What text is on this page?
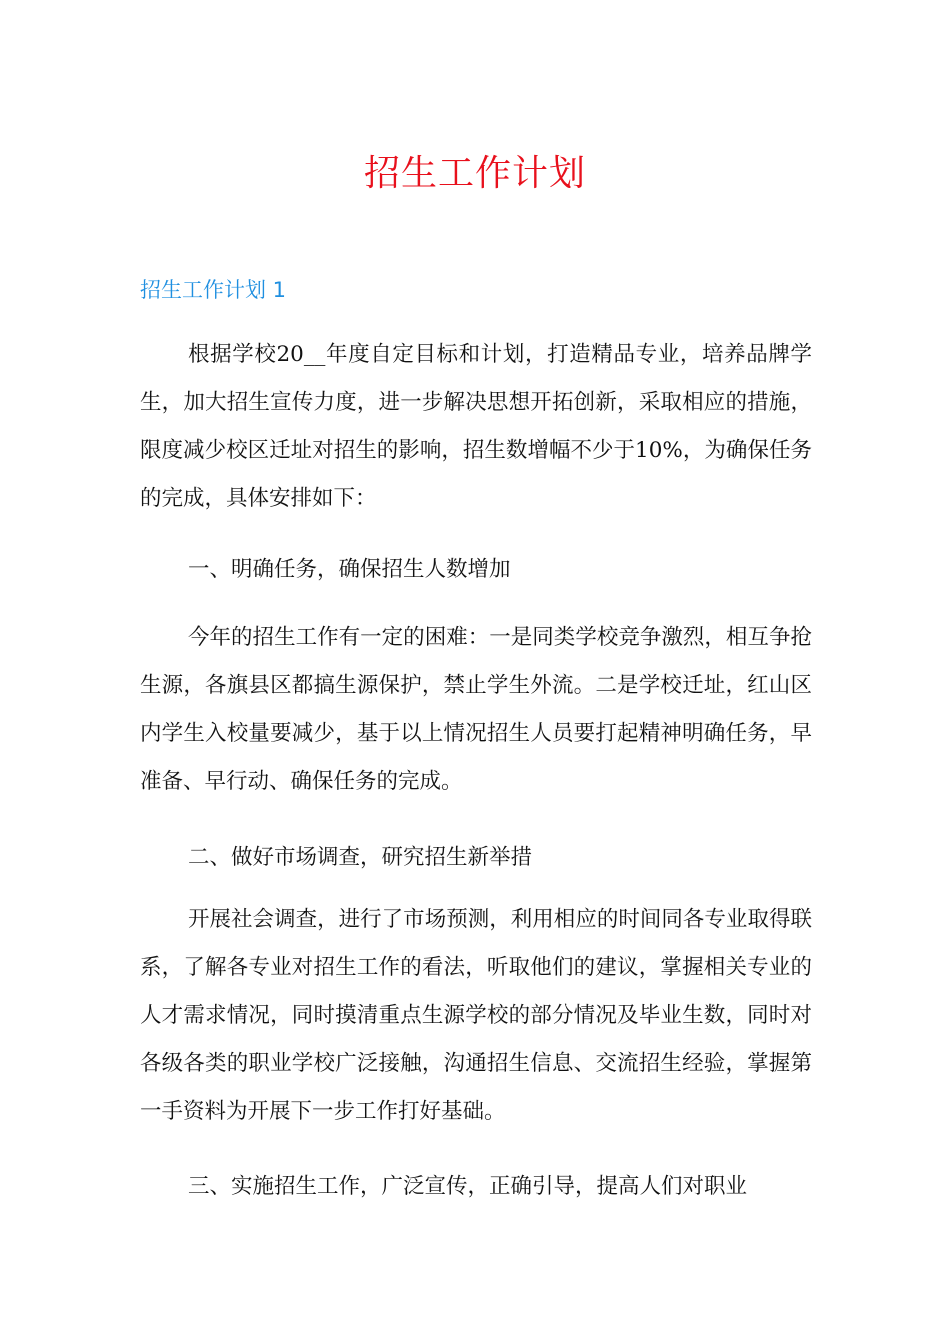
招生工作计划
招生工作计划 1

根据学校20__年度自定目标和计划，打造精品专业，培养品牌学生，加大招生宣传力度，进一步解决思想开拓创新，采取相应的措施，限度减少校区迁址对招生的影响，招生数增幅不少于10%，为确保任务的完成，具体安排如下：

一、明确任务，确保招生人数增加

今年的招生工作有一定的困难：一是同类学校竞争激烈，相互争抢生源，各旗县区都搞生源保护，禁止学生外流。二是学校迁址，红山区内学生入校量要减少，基于以上情况招生人员要打起精神明确任务，早准备、早行动、确保任务的完成。

二、做好市场调查，研究招生新举措

开展社会调查，进行了市场预测，利用相应的时间同各专业取得联系，了解各专业对招生工作的看法，听取他们的建议，掌握相关专业的人才需求情况，同时摸清重点生源学校的部分情况及毕业生数，同时对各级各类的职业学校广泛接触，沟通招生信息、交流招生经验，掌握第一手资料为开展下一步工作打好基础。

三、实施招生工作，广泛宣传，正确引导，提高人们对职业
